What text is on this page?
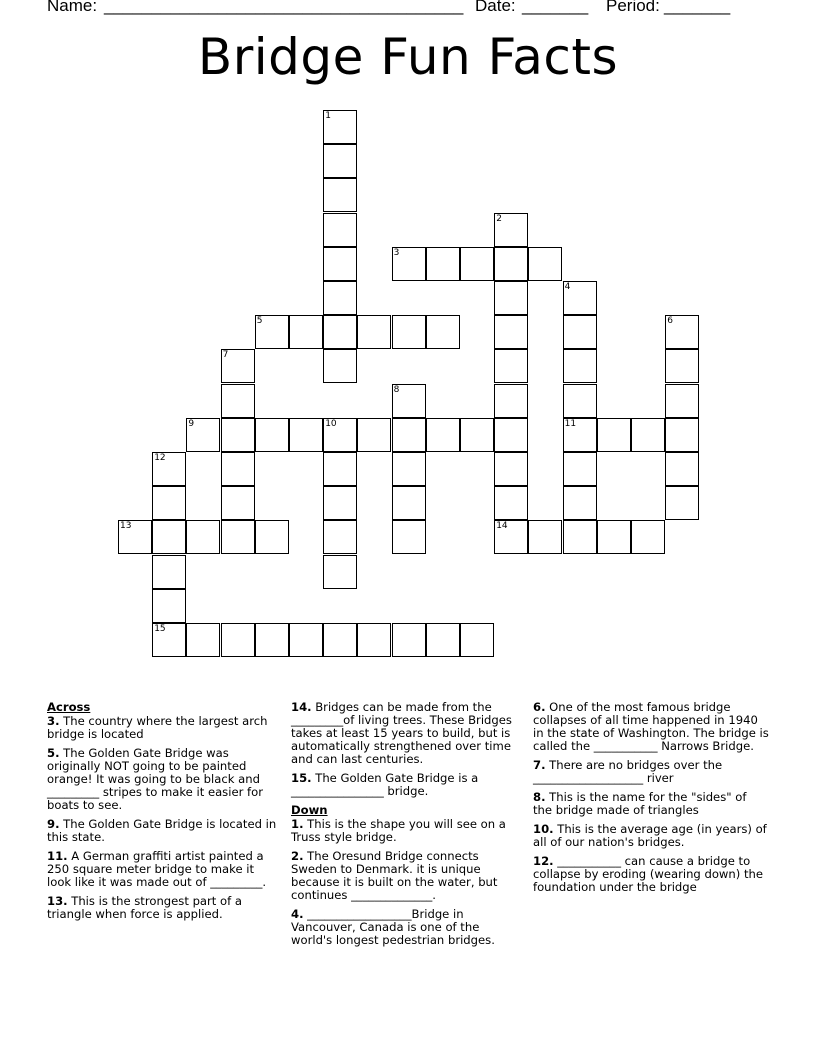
Name: ______________________________________ Date: _______ Period: _______
Bridge Fun Facts
3
5
9	10	11
13	14
15
1
2
4
6
7
8
12
Across
3. The country where the largest arch bridge is located
5. The Golden Gate Bridge was originally NOT going to be painted orange! It was going to be black and _________ stripes to make it easier for boats to see.
9. The Golden Gate Bridge is located in this state.
11. A German graffiti artist painted a 250 square meter bridge to make it look like it was made out of _________.
13. This is the strongest part of a triangle when force is applied.
14. Bridges can be made from the _________of living trees. These Bridges takes at least 15 years to build, but is automatically strengthened over time and can last centuries.
15. The Golden Gate Bridge is a ________________ bridge.
Down
1. This is the shape you will see on a Truss style bridge.
2. The Oresund Bridge connects Sweden to Denmark. it is unique because it is built on the water, but continues ______________.
4. __________________Bridge in Vancouver, Canada is one of the world's longest pedestrian bridges.
6. One of the most famous bridge collapses of all time happened in 1940 in the state of Washington. The bridge is called the ___________ Narrows Bridge.
7. There are no bridges over the ___________________ river
8. This is the name for the "sides" of the bridge made of triangles
10. This is the average age (in years) of all of our nation's bridges.
12. ___________ can cause a bridge to collapse by eroding (wearing down) the foundation under the bridge
